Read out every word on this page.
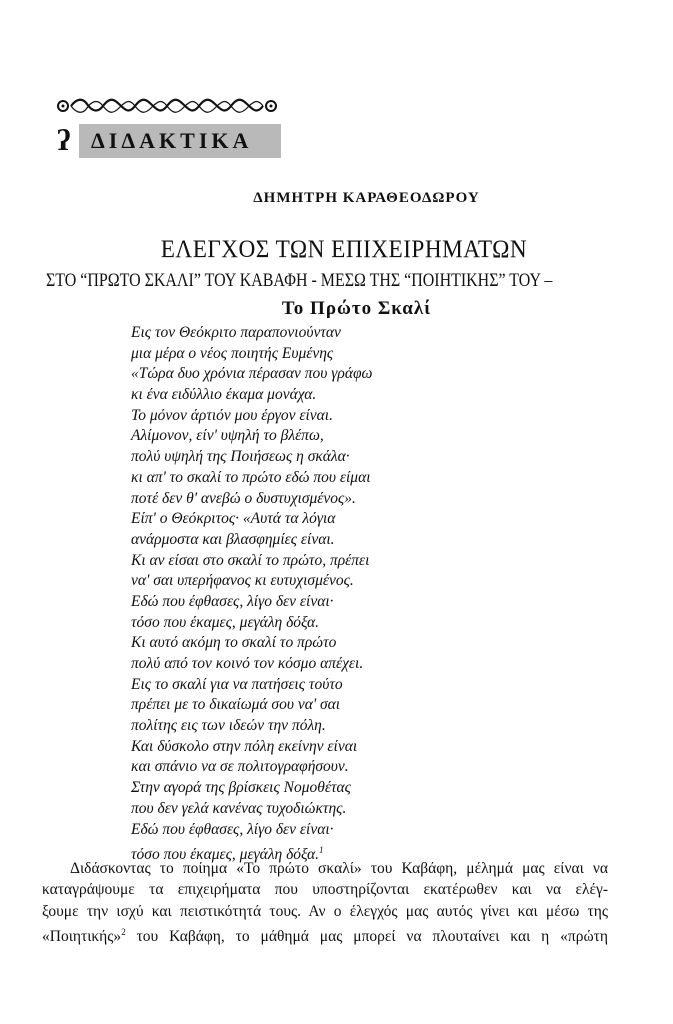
ʔ ΔΙΔΑΚΤΙΚΑ
ΔΗΜΗΤΡΗ ΚΑΡΑΘΕΟΔΩΡΟΥ
ΕΛΕΓΧΟΣ ΤΩΝ ΕΠΙΧΕΙΡΗΜΑΤΩΝ
ΣΤΟ “ΠΡΩΤΟ ΣΚΑΛΙ” ΤΟΥ ΚΑΒΑΦΗ - ΜΕΣΩ ΤΗΣ “ΠΟΙΗΤΙΚΗΣ” ΤΟΥ –
Το Πρώτο Σκαλί
Εις τον Θεόκριτο παραπονιούνταν
μια μέρα ο νέος ποιητής Ευμένης
«Τώρα δυο χρόνια πέρασαν που γράφω
κι ένα ειδύλλιο έκαμα μονάχα.
Το μόνον άρτιόν μου έργον είναι.
Αλίμονον, είν' υψηλή το βλέπω,
πολύ υψηλή της Ποιήσεως η σκάλα·
κι απ' το σκαλί το πρώτο εδώ που είμαι
ποτέ δεν θ' ανεβώ ο δυστυχισμένος».
Είπ' ο Θεόκριτος· «Αυτά τα λόγια
ανάρμοστα και βλασφημίες είναι.
Κι αν είσαι στο σκαλί το πρώτο, πρέπει
να' σαι υπερήφανος κι ευτυχισμένος.
Εδώ που έφθασες, λίγο δεν είναι·
τόσο που έκαμες, μεγάλη δόξα.
Κι αυτό ακόμη το σκαλί το πρώτο
πολύ από τον κοινό τον κόσμο απέχει.
Εις το σκαλί για να πατήσεις τούτο
πρέπει με το δικαίωμά σου να' σαι
πολίτης εις των ιδεών την πόλη.
Και δύσκολο στην πόλη εκείνην είναι
και σπάνιο να σε πολιτογραφήσουν.
Στην αγορά της βρίσκεις Νομοθέτας
που δεν γελά κανένας τυχοδιώκτης.
Εδώ που έφθασες, λίγο δεν είναι·
τόσο που έκαμες, μεγάλη δόξα.$^1$
Διδάσκοντας το ποίημα «Το πρώτο σκαλί» του Καβάφη, μέλημά μας είναι να
καταγράψουμε τα επιχειρήματα που υποστηρίζονται εκατέρωθεν και να ελέγ-
ξουμε την ισχύ και πειστικότητά τους. Αν ο έλεγχός μας αυτός γίνει και μέσω της
«Ποιητικής»$^2$ του Καβάφη, το μάθημά μας μπορεί να πλουταίνει και η «πρώτη
